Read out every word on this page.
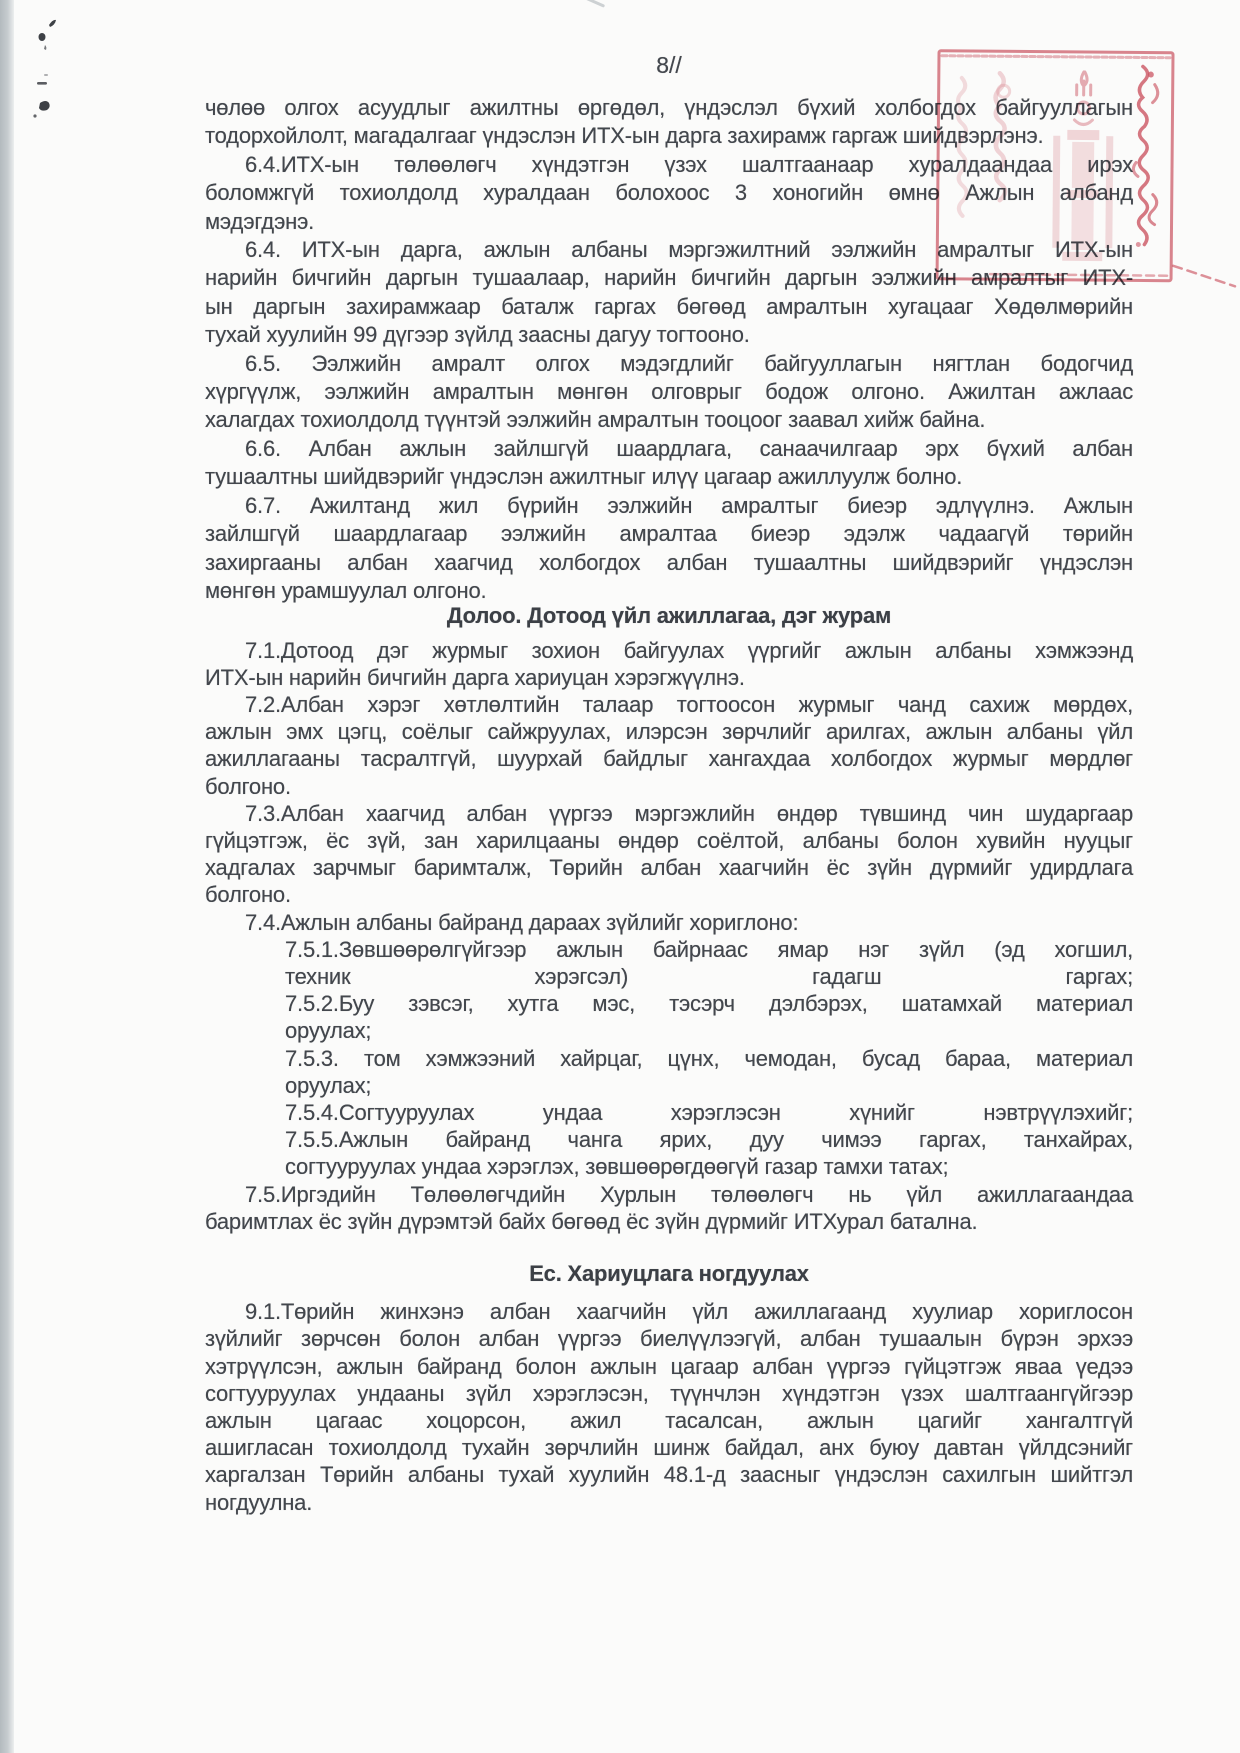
8//
чөлөө олгох асуудлыг ажилтны өргөдөл, үндэслэл бүхий холбогдох байгууллагын
тодорхойлолт, магадалгааг үндэслэн ИТХ-ын дарга захирамж гаргаж шийдвэрлэнэ.
6.4.ИТХ-ын төлөөлөгч хүндэтгэн үзэх шалтгаанаар хуралдаандаа ирэх
боломжгүй тохиолдолд хуралдаан болохоос 3 хоногийн өмнө Ажлын албанд
мэдэгдэнэ.
6.4. ИТХ-ын дарга, ажлын албаны мэргэжилтний ээлжийн амралтыг ИТХ-ын
нарийн бичгийн даргын тушаалаар, нарийн бичгийн даргын ээлжийн амралтыг ИТХ-
ын даргын захирамжаар баталж гаргах бөгөөд амралтын хугацааг Хөдөлмөрийн
тухай хуулийн 99 дүгээр зүйлд заасны дагуу тогтооно.
6.5. Ээлжийн амралт олгох мэдэгдлийг байгууллагын нягтлан бодогчид
хүргүүлж, ээлжийн амралтын мөнгөн олговрыг бодож олгоно. Ажилтан ажлаас
халагдах тохиолдолд түүнтэй ээлжийн амралтын тооцоог заавал хийж байна.
6.6. Албан ажлын зайлшгүй шаардлага, санаачилгаар эрх бүхий албан
тушаалтны шийдвэрийг үндэслэн ажилтныг илүү цагаар ажиллуулж болно.
6.7. Ажилтанд жил бүрийн ээлжийн амралтыг биеэр эдлүүлнэ. Ажлын
зайлшгүй шаардлагаар ээлжийн амралтаа биеэр эдэлж чадаагүй төрийн
захиргааны албан хаагчид холбогдох албан тушаалтны шийдвэрийг үндэслэн
мөнгөн урамшуулал олгоно.
Долоо. Дотоод үйл ажиллагаа, дэг журам
7.1.Дотоод дэг журмыг зохион байгуулах үүргийг ажлын албаны хэмжээнд
ИТХ-ын нарийн бичгийн дарга хариуцан хэрэгжүүлнэ.
7.2.Албан хэрэг хөтлөлтийн талаар тогтоосон журмыг чанд сахиж мөрдөх,
ажлын эмх цэгц, соёлыг сайжруулах, илэрсэн зөрчлийг арилгах, ажлын албаны үйл
ажиллагааны тасралтгүй, шуурхай байдлыг хангахдаа холбогдох журмыг мөрдлөг
болгоно.
7.3.Албан хаагчид албан үүргээ мэргэжлийн өндөр түвшинд чин шударгаар
гүйцэтгэж, ёс зүй, зан харилцааны өндөр соёлтой, албаны болон хувийн нууцыг
хадгалах зарчмыг баримталж, Төрийн албан хаагчийн ёс зүйн дүрмийг удирдлага
болгоно.
7.4.Ажлын албаны байранд дараах зүйлийг хориглоно:
7.5.1.Зөвшөөрөлгүйгээр ажлын байрнаас ямар нэг зүйл (эд хогшил,
техник хэрэгсэл) гадагш гаргах;
7.5.2.Буу зэвсэг, хутга мэс, тэсэрч дэлбэрэх, шатамхай материал
оруулах;
7.5.3. том хэмжээний хайрцаг, цүнх, чемодан, бусад бараа, материал
оруулах;
7.5.4.Согтууруулах ундаа хэрэглэсэн хүнийг нэвтрүүлэхийг;
7.5.5.Ажлын байранд чанга ярих, дуу чимээ гаргах, танхайрах,
согтууруулах ундаа хэрэглэх, зөвшөөрөгдөөгүй газар тамхи татах;
7.5.Иргэдийн Төлөөлөгчдийн Хурлын төлөөлөгч нь үйл ажиллагаандаа
баримтлах ёс зүйн дүрэмтэй байх бөгөөд ёс зүйн дүрмийг ИТХурал батална.
Ес. Хариуцлага ногдуулах
9.1.Төрийн жинхэнэ албан хаагчийн үйл ажиллагаанд хуулиар хориглосон
зүйлийг зөрчсөн болон албан үүргээ биелүүлээгүй, албан тушаалын бүрэн эрхээ
хэтрүүлсэн, ажлын байранд болон ажлын цагаар албан үүргээ гүйцэтгэж яваа үедээ
согтууруулах ундааны зүйл хэрэглэсэн, түүнчлэн хүндэтгэн үзэх шалтгаангүйгээр
ажлын цагаас хоцорсон, ажил тасалсан, ажлын цагийг хангалтгүй
ашигласан тохиолдолд тухайн зөрчлийн шинж байдал, анх буюу давтан үйлдсэнийг
харгалзан Төрийн албаны тухай хуулийн 48.1-д заасныг үндэслэн сахилгын шийтгэл
ногдуулна.
